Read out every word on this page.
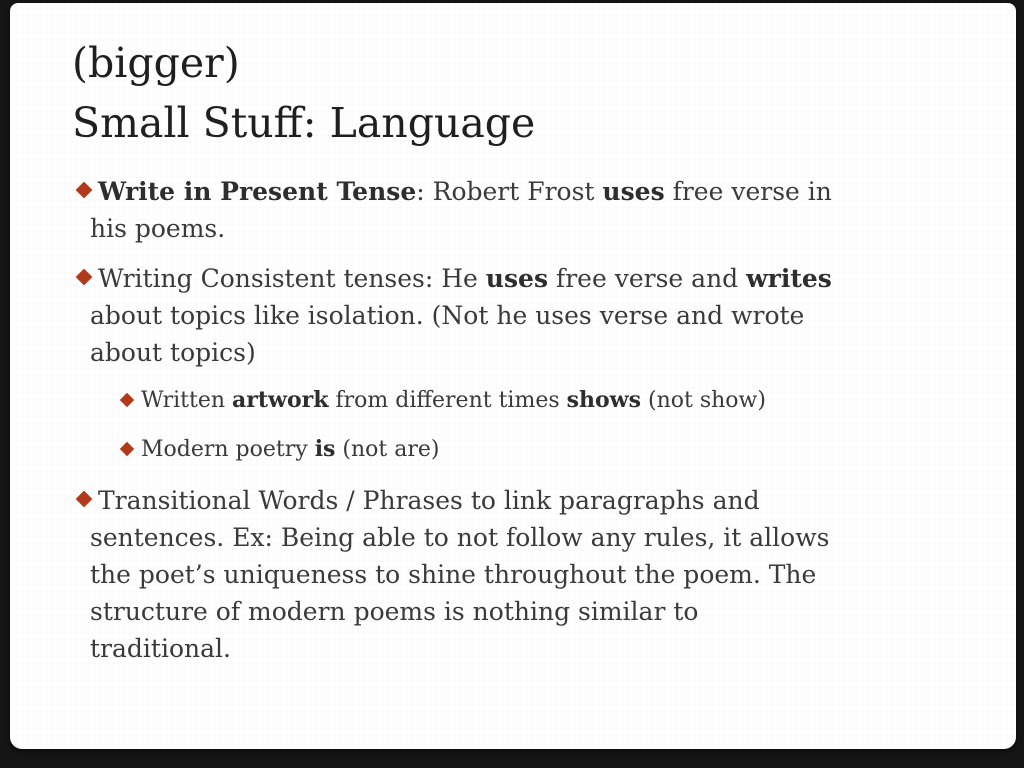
(bigger)
Small Stuff: Language
Write in Present Tense: Robert Frost uses free verse in
his poems.
Writing Consistent tenses: He uses free verse and writes
about topics like isolation. (Not he uses verse and wrote
about topics)
Written artwork from different times shows (not show)
Modern poetry is (not are)
Transitional Words / Phrases to link paragraphs and
sentences. Ex: Being able to not follow any rules, it allows
the poet’s uniqueness to shine throughout the poem. The
structure of modern poems is nothing similar to
traditional.
